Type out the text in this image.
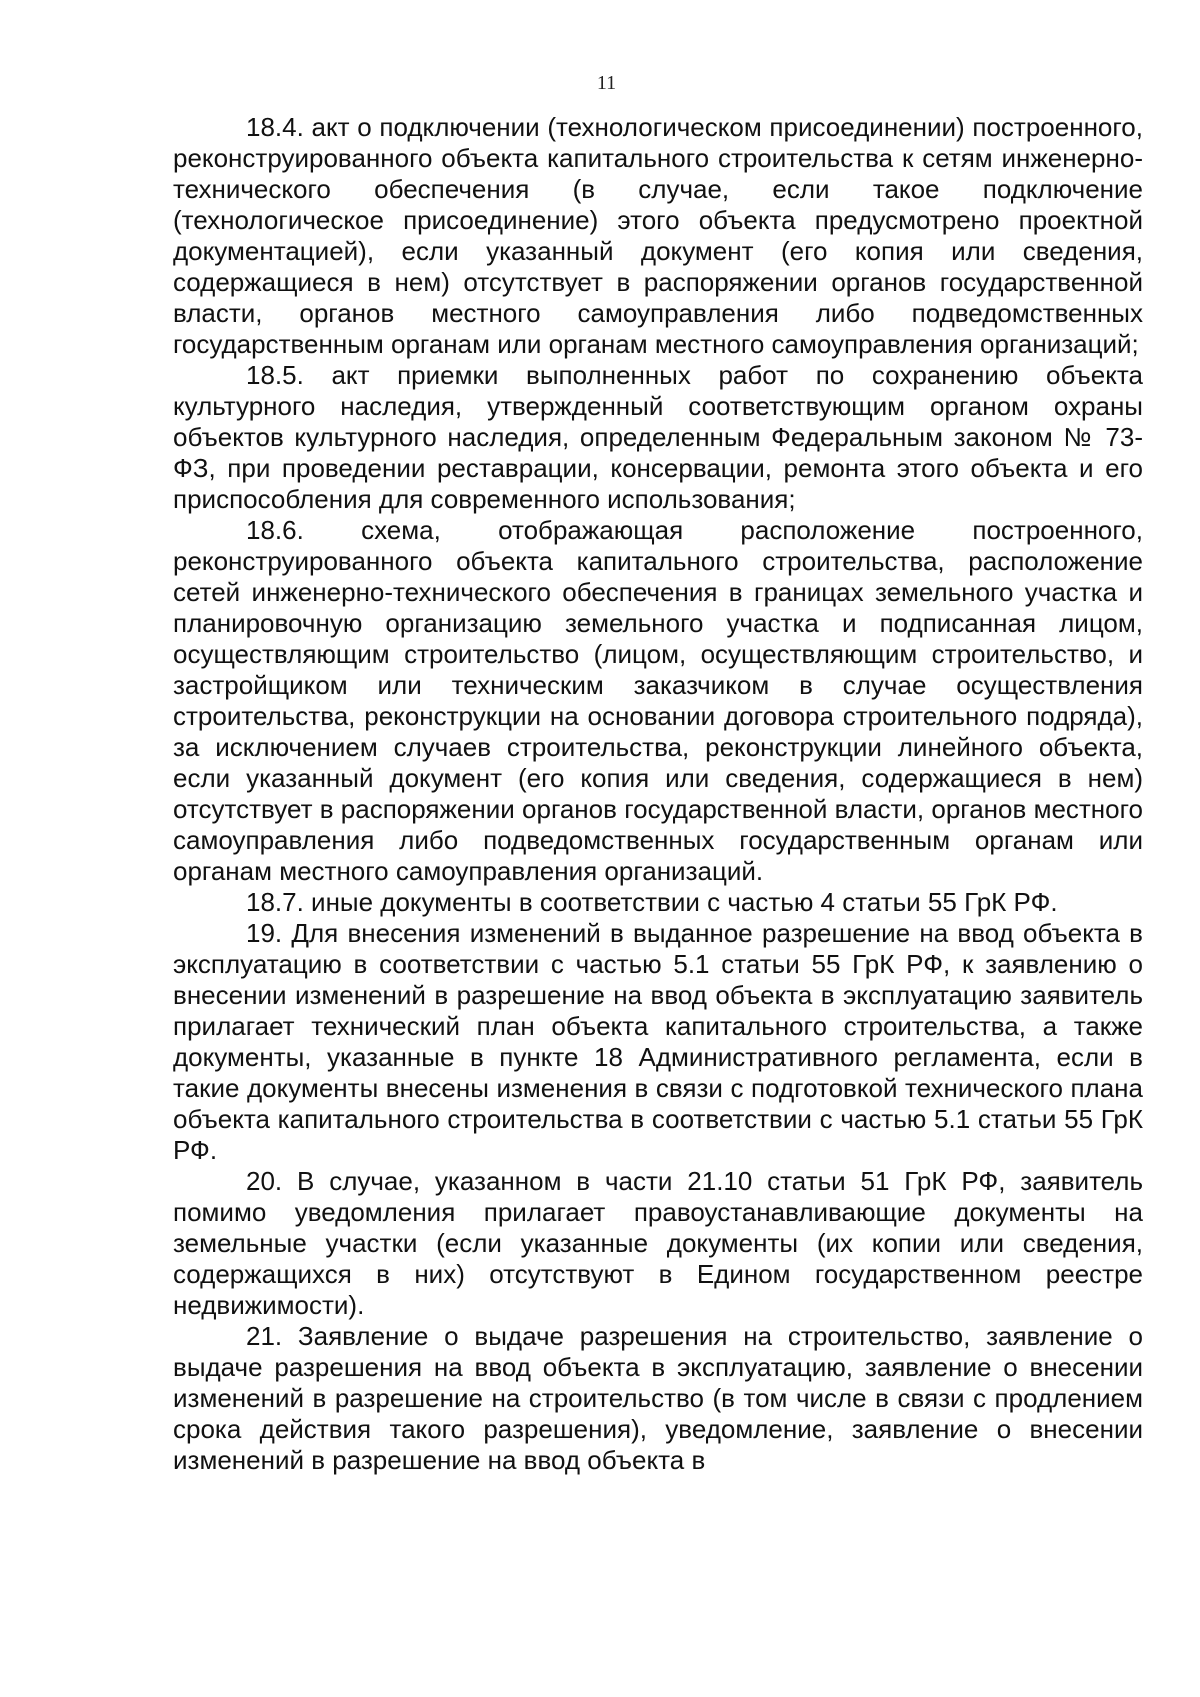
11

18.4. акт о подключении (технологическом присоединении) построенного, реконструированного объекта капитального строительства к сетям инженерно-технического обеспечения (в случае, если такое подключение (технологическое присоединение) этого объекта предусмотрено проектной документацией), если указанный документ (его копия или сведения, содержащиеся в нем) отсутствует в распоряжении органов государственной власти, органов местного самоуправления либо подведомственных государственным органам или органам местного самоуправления организаций;

18.5. акт приемки выполненных работ по сохранению объекта культурного наследия, утвержденный соответствующим органом охраны объектов культурного наследия, определенным Федеральным законом № 73-ФЗ, при проведении реставрации, консервации, ремонта этого объекта и его приспособления для современного использования;

18.6. схема, отображающая расположение построенного, реконструированного объекта капитального строительства, расположение сетей инженерно-технического обеспечения в границах земельного участка и планировочную организацию земельного участка и подписанная лицом, осуществляющим строительство (лицом, осуществляющим строительство, и застройщиком или техническим заказчиком в случае осуществления строительства, реконструкции на основании договора строительного подряда), за исключением случаев строительства, реконструкции линейного объекта, если указанный документ (его копия или сведения, содержащиеся в нем) отсутствует в распоряжении органов государственной власти, органов местного самоуправления либо подведомственных государственным органам или органам местного самоуправления организаций.

18.7. иные документы в соответствии с частью 4 статьи 55 ГрК РФ.

19. Для внесения изменений в выданное разрешение на ввод объекта в эксплуатацию в соответствии с частью 5.1 статьи 55 ГрК РФ, к заявлению о внесении изменений в разрешение на ввод объекта в эксплуатацию заявитель прилагает технический план объекта капитального строительства, а также документы, указанные в пункте 18 Административного регламента, если в такие документы внесены изменения в связи с подготовкой технического плана объекта капитального строительства в соответствии с частью 5.1 статьи 55 ГрК РФ.

20. В случае, указанном в части 21.10 статьи 51 ГрК РФ, заявитель помимо уведомления прилагает правоустанавливающие документы на земельные участки (если указанные документы (их копии или сведения, содержащихся в них) отсутствуют в Едином государственном реестре недвижимости).

21. Заявление о выдаче разрешения на строительство, заявление о выдаче разрешения на ввод объекта в эксплуатацию, заявление о внесении изменений в разрешение на строительство (в том числе в связи с продлением срока действия такого разрешения), уведомление, заявление о внесении изменений в разрешение на ввод объекта в
